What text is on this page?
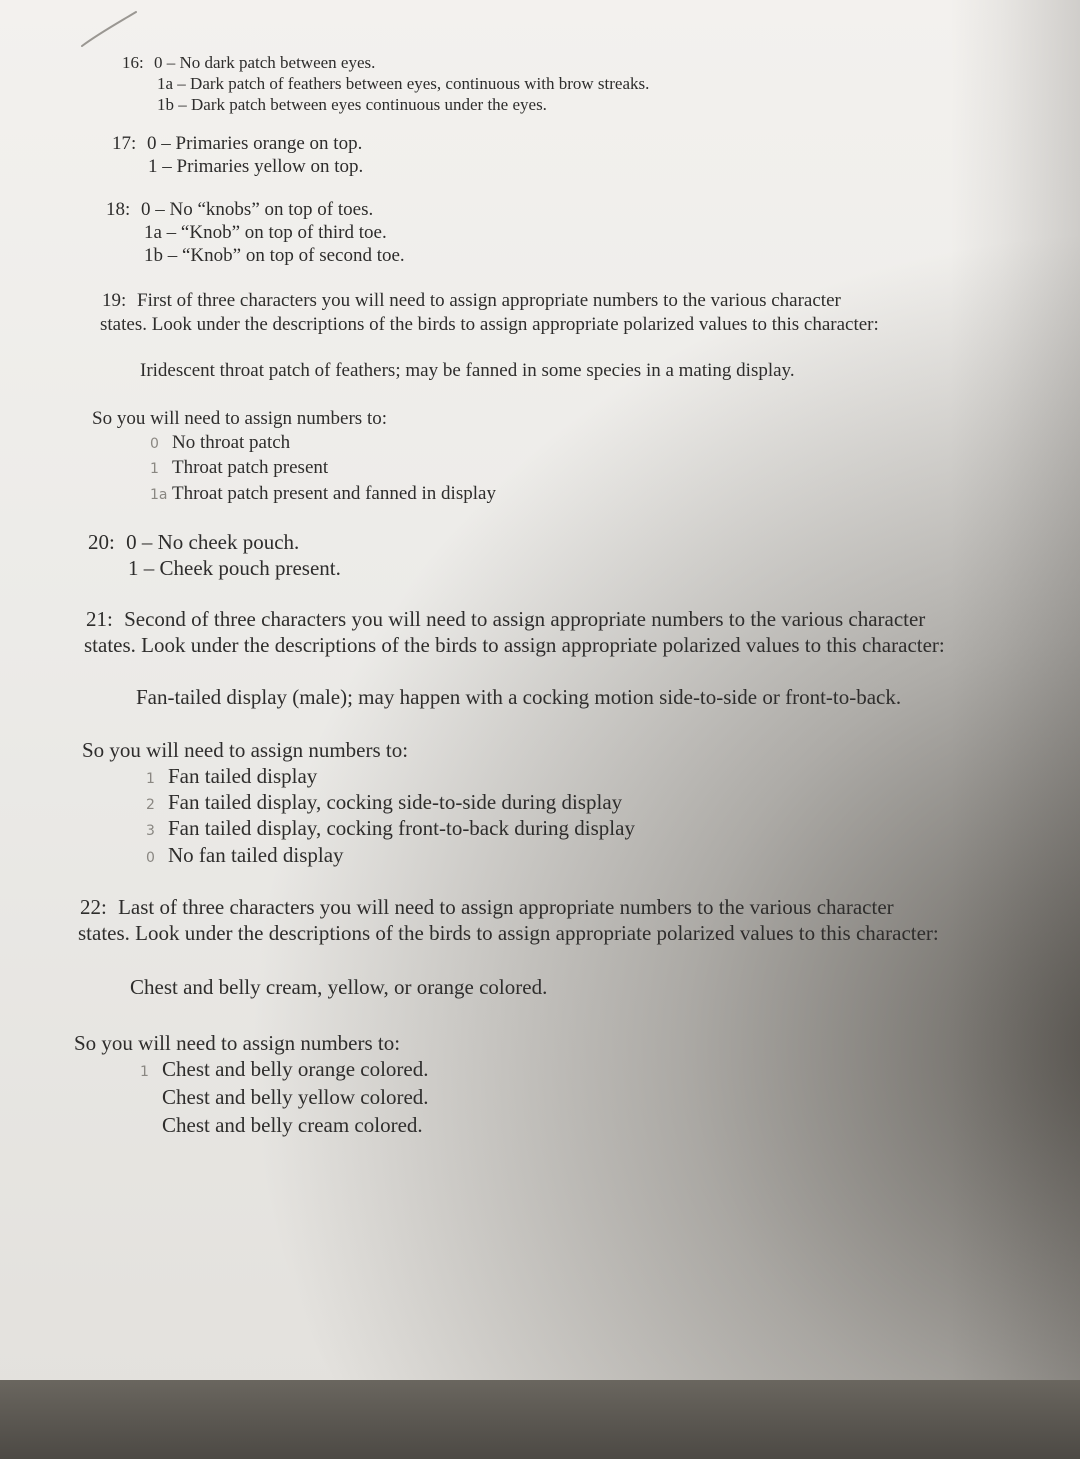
16: 0 – No dark patch between eyes.
1a – Dark patch of feathers between eyes, continuous with brow streaks.
1b – Dark patch between eyes continuous under the eyes.
17: 0 – Primaries orange on top.
1 – Primaries yellow on top.
18: 0 – No “knobs” on top of toes.
1a – “Knob” on top of third toe.
1b – “Knob” on top of second toe.
19: First of three characters you will need to assign appropriate numbers to the various character
states. Look under the descriptions of the birds to assign appropriate polarized values to this character:
Iridescent throat patch of feathers; may be fanned in some species in a mating display.
So you will need to assign numbers to:
0 No throat patch
1 Throat patch present
1a Throat patch present and fanned in display
20: 0 – No cheek pouch.
1 – Cheek pouch present.
21: Second of three characters you will need to assign appropriate numbers to the various character
states. Look under the descriptions of the birds to assign appropriate polarized values to this character:
Fan-tailed display (male); may happen with a cocking motion side-to-side or front-to-back.
So you will need to assign numbers to:
1 Fan tailed display
2 Fan tailed display, cocking side-to-side during display
3 Fan tailed display, cocking front-to-back during display
0 No fan tailed display
22: Last of three characters you will need to assign appropriate numbers to the various character
states. Look under the descriptions of the birds to assign appropriate polarized values to this character:
Chest and belly cream, yellow, or orange colored.
So you will need to assign numbers to:
1 Chest and belly orange colored.
Chest and belly yellow colored.
Chest and belly cream colored.
